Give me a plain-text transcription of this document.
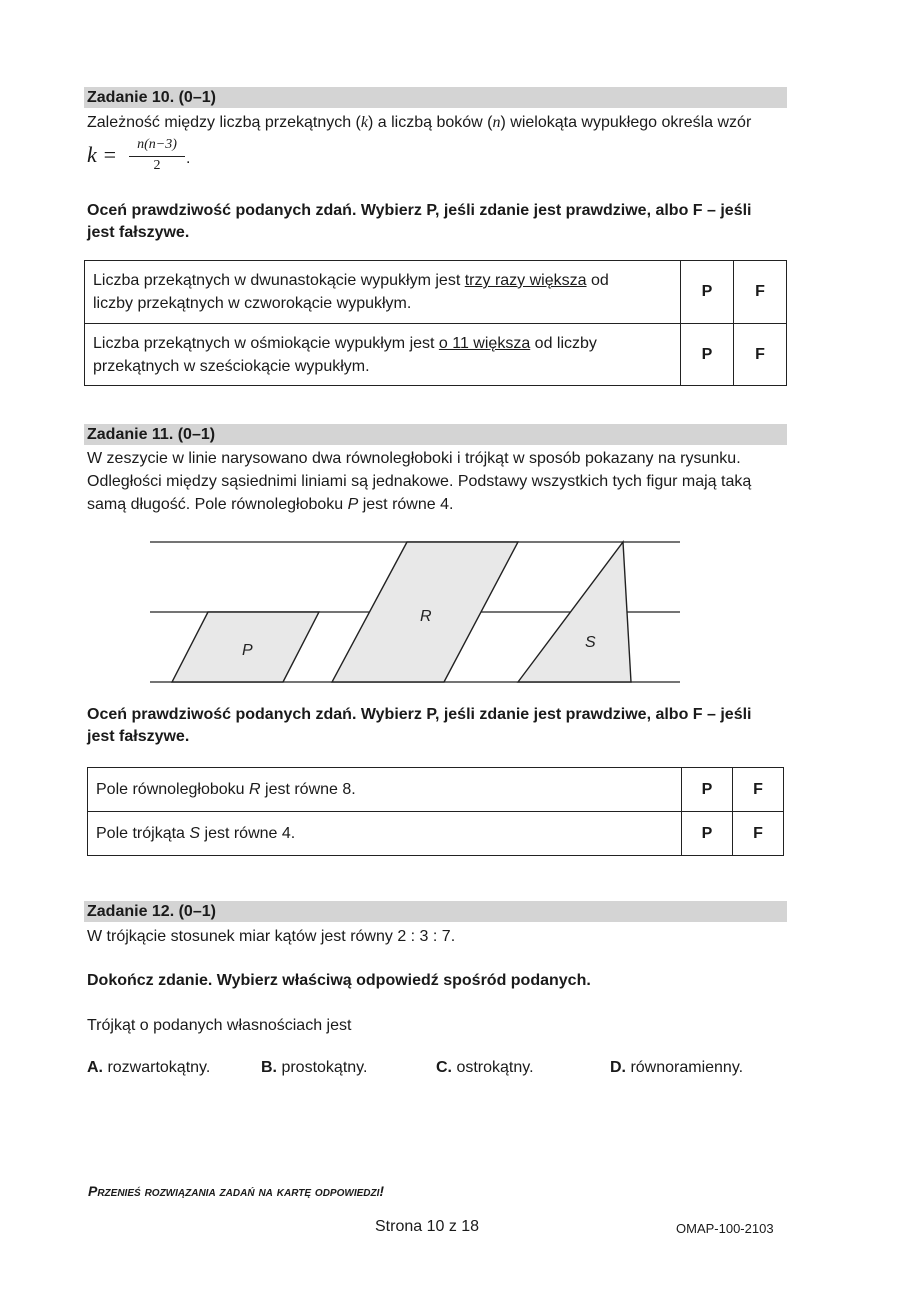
Zadanie 10. (0–1)
Zależność między liczbą przekątnych (k) a liczbą boków (n) wielokąta wypukłego określa wzór
k =	n(n−3)
2	.
Oceń prawdziwość podanych zdań. Wybierz P, jeśli zdanie jest prawdziwe, albo F – jeśli
jest fałszywe.
Liczba przekątnych w dwunastokącie wypukłym jest trzy razy większa od
liczby przekątnych w czworokącie wypukłym.	P	F
Liczba przekątnych w ośmiokącie wypukłym jest o 11 większa od liczby
przekątnych w sześciokącie wypukłym.	P	F
Zadanie 11. (0–1)
W zeszycie w linie narysowano dwa równoległoboki i trójkąt w sposób pokazany na rysunku.
Odległości między sąsiednimi liniami są jednakowe. Podstawy wszystkich tych figur mają taką
samą długość. Pole równoległoboku P jest równe 4.
P
R
S
Oceń prawdziwość podanych zdań. Wybierz P, jeśli zdanie jest prawdziwe, albo F – jeśli
jest fałszywe.
Pole równoległoboku R jest równe 8.	P	F
Pole trójkąta S jest równe 4.	P	F
Zadanie 12. (0–1)
W trójkącie stosunek miar kątów jest równy 2 : 3 : 7.
Dokończ zdanie. Wybierz właściwą odpowiedź spośród podanych.
Trójkąt o podanych własnościach jest
A. rozwartokątny.	B. prostokątny.	C. ostrokątny.	D. równoramienny.
Przenieś rozwiązania zadań na kartę odpowiedzi!
Strona 10 z 18	OMAP-100-2103
